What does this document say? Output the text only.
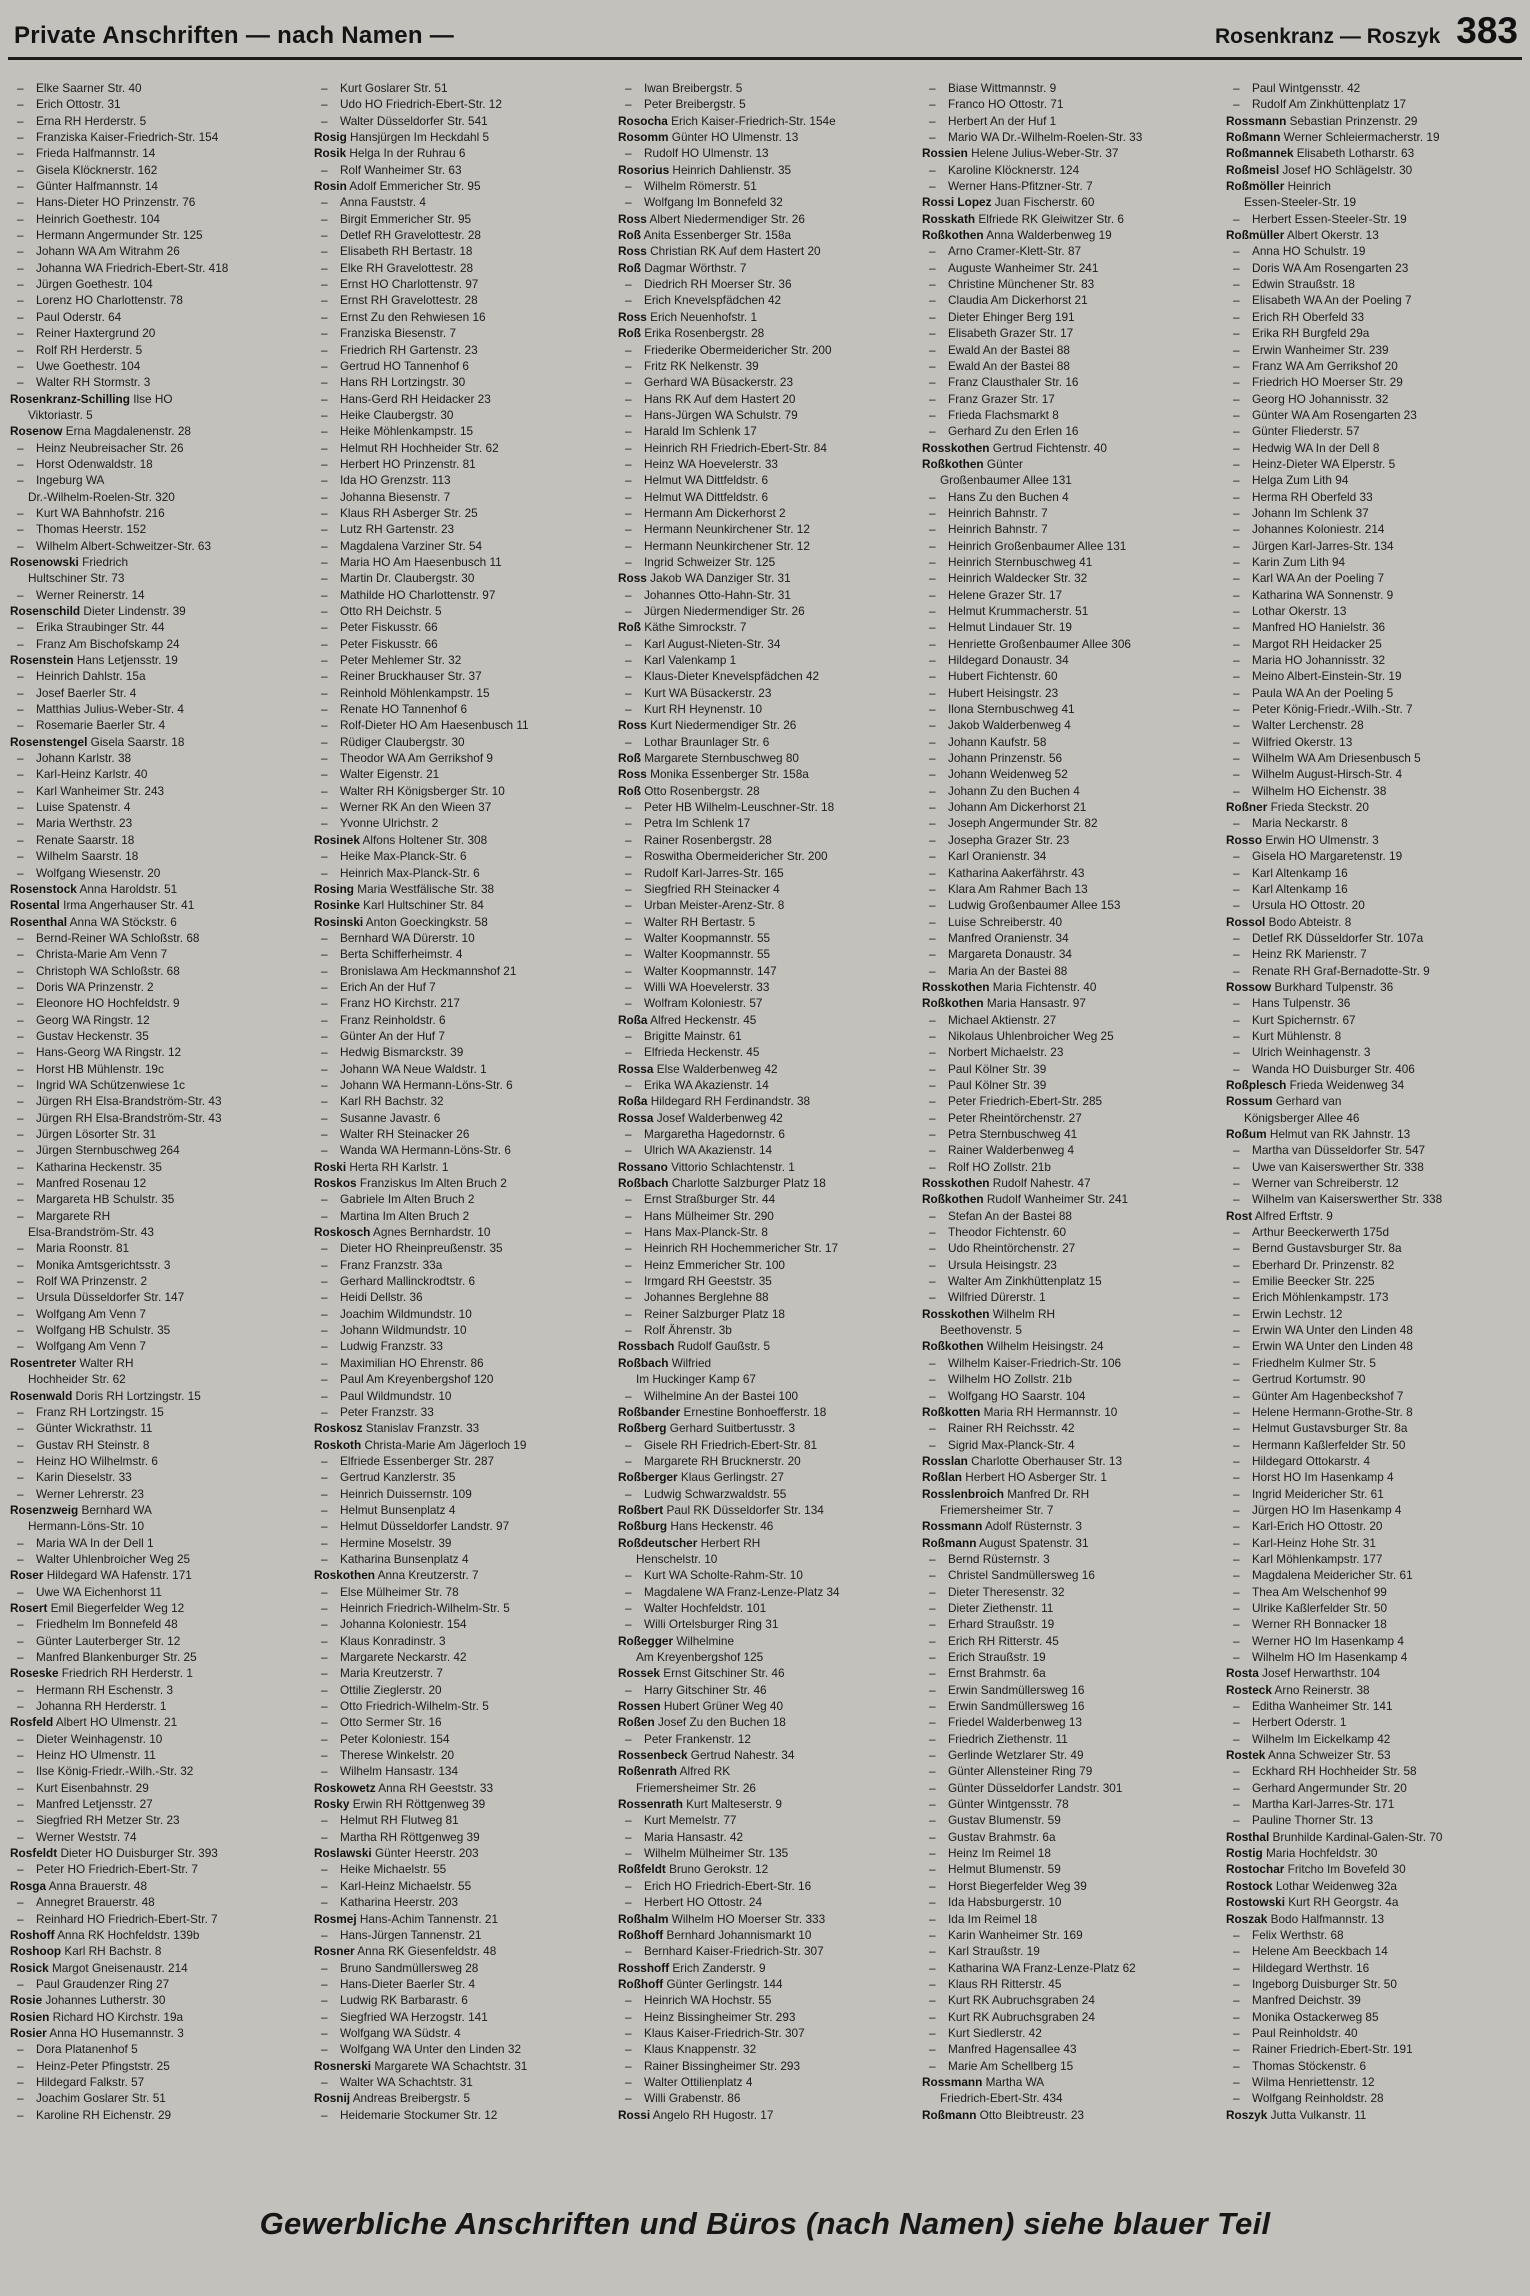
Private Anschriften — nach Namen —	Rosenkranz — Roszyk 383
– Elke Saarner Str. 40
– Erich Ottostr. 31
– Erna RH Herderstr. 5
– Franziska Kaiser-Friedrich-Str. 154
– Frieda Halfmannstr. 14
– Gisela Klöcknerstr. 162
– Günter Halfmannstr. 14
– Hans-Dieter HO Prinzenstr. 76
– Heinrich Goethestr. 104
– Hermann Angermunder Str. 125
– Johann WA Am Witrahm 26
– Johanna WA Friedrich-Ebert-Str. 418
– Jürgen Goethestr. 104
– Lorenz HO Charlottenstr. 78
– Paul Oderstr. 64
– Reiner Haxtergrund 20
– Rolf RH Herderstr. 5
– Uwe Goethestr. 104
– Walter RH Stormstr. 3
Rosenkranz-Schilling Ilse HO
Viktoriastr. 5
Rosenow Erna Magdalenenstr. 28
– Heinz Neubreisacher Str. 26
– Horst Odenwaldstr. 18
– Ingeburg WA
Dr.-Wilhelm-Roelen-Str. 320
– Kurt WA Bahnhofstr. 216
– Thomas Heerstr. 152
– Wilhelm Albert-Schweitzer-Str. 63
Rosenowski Friedrich
Hultschiner Str. 73
– Werner Reinerstr. 14
Rosenschild Dieter Lindenstr. 39
– Erika Straubinger Str. 44
– Franz Am Bischofskamp 24
Rosenstein Hans Letjensstr. 19
– Heinrich Dahlstr. 15a
– Josef Baerler Str. 4
– Matthias Julius-Weber-Str. 4
– Rosemarie Baerler Str. 4
Rosenstengel Gisela Saarstr. 18
– Johann Karlstr. 38
– Karl-Heinz Karlstr. 40
– Karl Wanheimer Str. 243
– Luise Spatenstr. 4
– Maria Werthstr. 23
– Renate Saarstr. 18
– Wilhelm Saarstr. 18
– Wolfgang Wiesenstr. 20
Rosenstock Anna Haroldstr. 51
Rosental Irma Angerhauser Str. 41
Rosenthal Anna WA Stöckstr. 6
– Bernd-Reiner WA Schloßstr. 68
– Christa-Marie Am Venn 7
– Christoph WA Schloßstr. 68
– Doris WA Prinzenstr. 2
– Eleonore HO Hochfeldstr. 9
– Georg WA Ringstr. 12
– Gustav Heckenstr. 35
– Hans-Georg WA Ringstr. 12
– Horst HB Mühlenstr. 19c
– Ingrid WA Schützenwiese 1c
– Jürgen RH Elsa-Brandström-Str. 43
– Jürgen RH Elsa-Brandström-Str. 43
– Jürgen Lösorter Str. 31
– Jürgen Sternbuschweg 264
– Katharina Heckenstr. 35
– Manfred Rosenau 12
– Margareta HB Schulstr. 35
– Margarete RH
Elsa-Brandström-Str. 43
– Maria Roonstr. 81
– Monika Amtsgerichtsstr. 3
– Rolf WA Prinzenstr. 2
– Ursula Düsseldorfer Str. 147
– Wolfgang Am Venn 7
– Wolfgang HB Schulstr. 35
– Wolfgang Am Venn 7
Rosentreter Walter RH
Hochheider Str. 62
Rosenwald Doris RH Lortzingstr. 15
– Franz RH Lortzingstr. 15
– Günter Wickrathstr. 11
– Gustav RH Steinstr. 8
– Heinz HO Wilhelmstr. 6
– Karin Dieselstr. 33
– Werner Lehrerstr. 23
Rosenzweig Bernhard WA
Hermann-Löns-Str. 10
– Maria WA In der Dell 1
– Walter Uhlenbroicher Weg 25
Roser Hildegard WA Hafenstr. 171
– Uwe WA Eichenhorst 11
Rosert Emil Biegerfelder Weg 12
– Friedhelm Im Bonnefeld 48
– Günter Lauterberger Str. 12
– Manfred Blankenburger Str. 25
Roseske Friedrich RH Herderstr. 1
– Hermann RH Eschenstr. 3
– Johanna RH Herderstr. 1
Rosfeld Albert HO Ulmenstr. 21
– Dieter Weinhagenstr. 10
– Heinz HO Ulmenstr. 11
– Ilse König-Friedr.-Wilh.-Str. 32
– Kurt Eisenbahnstr. 29
– Manfred Letjensstr. 27
– Siegfried RH Metzer Str. 23
– Werner Weststr. 74
Rosfeldt Dieter HO Duisburger Str. 393
– Peter HO Friedrich-Ebert-Str. 7
Rosga Anna Brauerstr. 48
– Annegret Brauerstr. 48
– Reinhard HO Friedrich-Ebert-Str. 7
Roshoff Anna RK Hochfeldstr. 139b
Roshoop Karl RH Bachstr. 8
Rosick Margot Gneisenaustr. 214
– Paul Graudenzer Ring 27
Rosie Johannes Lutherstr. 30
Rosien Richard HO Kirchstr. 19a
Rosier Anna HO Husemannstr. 3
– Dora Platanenhof 5
– Heinz-Peter Pfingststr. 25
– Hildegard Falkstr. 57
– Joachim Goslarer Str. 51
– Karoline RH Eichenstr. 29
– Kurt Goslarer Str. 51
– Udo HO Friedrich-Ebert-Str. 12
– Walter Düsseldorfer Str. 541
Rosig Hansjürgen Im Heckdahl 5
Rosik Helga In der Ruhrau 6
– Rolf Wanheimer Str. 63
Rosin Adolf Emmericher Str. 95
– Anna Fauststr. 4
– Birgit Emmericher Str. 95
– Detlef RH Gravelottestr. 28
– Elisabeth RH Bertastr. 18
– Elke RH Gravelottestr. 28
– Ernst HO Charlottenstr. 97
– Ernst RH Gravelottestr. 28
– Ernst Zu den Rehwiesen 16
– Franziska Biesenstr. 7
– Friedrich RH Gartenstr. 23
– Gertrud HO Tannenhof 6
– Hans RH Lortzingstr. 30
– Hans-Gerd RH Heidacker 23
– Heike Claubergstr. 30
– Heike Möhlenkampstr. 15
– Helmut RH Hochheider Str. 62
– Herbert HO Prinzenstr. 81
– Ida HO Grenzstr. 113
– Johanna Biesenstr. 7
– Klaus RH Asberger Str. 25
– Lutz RH Gartenstr. 23
– Magdalena Varziner Str. 54
– Maria HO Am Haesenbusch 11
– Martin Dr. Claubergstr. 30
– Mathilde HO Charlottenstr. 97
– Otto RH Deichstr. 5
– Peter Fiskusstr. 66
– Peter Fiskusstr. 66
– Peter Mehlemer Str. 32
– Reiner Bruckhauser Str. 37
– Reinhold Möhlenkampstr. 15
– Renate HO Tannenhof 6
– Rolf-Dieter HO Am Haesenbusch 11
– Rüdiger Claubergstr. 30
– Theodor WA Am Gerrikshof 9
– Walter Eigenstr. 21
– Walter RH Königsberger Str. 10
– Werner RK An den Wieen 37
– Yvonne Ulrichstr. 2
Rosinek Alfons Holtener Str. 308
– Heike Max-Planck-Str. 6
– Heinrich Max-Planck-Str. 6
Rosing Maria Westfälische Str. 38
Rosinke Karl Hultschiner Str. 84
Rosinski Anton Goeckingkstr. 58
– Bernhard WA Dürerstr. 10
– Berta Schifferheimstr. 4
– Bronislawa Am Heckmannshof 21
– Erich An der Huf 7
– Franz HO Kirchstr. 217
– Franz Reinholdstr. 6
– Günter An der Huf 7
– Hedwig Bismarckstr. 39
– Johann WA Neue Waldstr. 1
– Johann WA Hermann-Löns-Str. 6
– Karl RH Bachstr. 32
– Susanne Javastr. 6
– Walter RH Steinacker 26
– Wanda WA Hermann-Löns-Str. 6
Roski Herta RH Karlstr. 1
Roskos Franziskus Im Alten Bruch 2
– Gabriele Im Alten Bruch 2
– Martina Im Alten Bruch 2
Roskosch Agnes Bernhardstr. 10
– Dieter HO Rheinpreußenstr. 35
– Franz Franzstr. 33a
– Gerhard Mallinckrodtstr. 6
– Heidi Dellstr. 36
– Joachim Wildmundstr. 10
– Johann Wildmundstr. 10
– Ludwig Franzstr. 33
– Maximilian HO Ehrenstr. 86
– Paul Am Kreyenbergshof 120
– Paul Wildmundstr. 10
– Peter Franzstr. 33
Roskosz Stanislav Franzstr. 33
Roskoth Christa-Marie Am Jägerloch 19
– Elfriede Essenberger Str. 287
– Gertrud Kanzlerstr. 35
– Heinrich Duissernstr. 109
– Helmut Bunsenplatz 4
– Helmut Düsseldorfer Landstr. 97
– Hermine Moselstr. 39
– Katharina Bunsenplatz 4
Roskothen Anna Kreutzerstr. 7
– Else Mülheimer Str. 78
– Heinrich Friedrich-Wilhelm-Str. 5
– Johanna Koloniestr. 154
– Klaus Konradinstr. 3
– Margarete Neckarstr. 42
– Maria Kreutzerstr. 7
– Ottilie Zieglerstr. 20
– Otto Friedrich-Wilhelm-Str. 5
– Otto Sermer Str. 16
– Peter Koloniestr. 154
– Therese Winkelstr. 20
– Wilhelm Hansastr. 134
Roskowetz Anna RH Geeststr. 33
Rosky Erwin RH Röttgenweg 39
– Helmut RH Flutweg 81
– Martha RH Röttgenweg 39
Roslawski Günter Heerstr. 203
– Heike Michaelstr. 55
– Karl-Heinz Michaelstr. 55
– Katharina Heerstr. 203
Rosmej Hans-Achim Tannenstr. 21
– Hans-Jürgen Tannenstr. 21
Rosner Anna RK Giesenfeldstr. 48
– Bruno Sandmüllersweg 28
– Hans-Dieter Baerler Str. 4
– Ludwig RK Barbarastr. 6
– Siegfried WA Herzogstr. 141
– Wolfgang WA Südstr. 4
– Wolfgang WA Unter den Linden 32
Rosnerski Margarete WA Schachtstr. 31
– Walter WA Schachtstr. 31
Rosnij Andreas Breibergstr. 5
– Heidemarie Stockumer Str. 12
– Iwan Breibergstr. 5
– Peter Breibergstr. 5
Rosocha Erich Kaiser-Friedrich-Str. 154e
Rosomm Günter HO Ulmenstr. 13
– Rudolf HO Ulmenstr. 13
Rosorius Heinrich Dahlienstr. 35
– Wilhelm Römerstr. 51
– Wolfgang Im Bonnefeld 32
Ross Albert Niedermendiger Str. 26
Roß Anita Essenberger Str. 158a
Ross Christian RK Auf dem Hastert 20
Roß Dagmar Wörthstr. 7
– Diedrich RH Moerser Str. 36
– Erich Knevelspfädchen 42
Ross Erich Neuenhofstr. 1
Roß Erika Rosenbergstr. 28
– Friederike Obermeidericher Str. 200
– Fritz RK Nelkenstr. 39
– Gerhard WA Büsackerstr. 23
– Hans RK Auf dem Hastert 20
– Hans-Jürgen WA Schulstr. 79
– Harald Im Schlenk 17
– Heinrich RH Friedrich-Ebert-Str. 84
– Heinz WA Hoevelerstr. 33
– Helmut WA Dittfeldstr. 6
– Helmut WA Dittfeldstr. 6
– Hermann Am Dickerhorst 2
– Hermann Neunkirchener Str. 12
– Hermann Neunkirchener Str. 12
– Ingrid Schweizer Str. 125
Ross Jakob WA Danziger Str. 31
– Johannes Otto-Hahn-Str. 31
– Jürgen Niedermendiger Str. 26
Roß Käthe Simrockstr. 7
– Karl August-Nieten-Str. 34
– Karl Valenkamp 1
– Klaus-Dieter Knevelspfädchen 42
– Kurt WA Büsackerstr. 23
– Kurt RH Heynenstr. 10
Ross Kurt Niedermendiger Str. 26
– Lothar Braunlager Str. 6
Roß Margarete Sternbuschweg 80
Ross Monika Essenberger Str. 158a
Roß Otto Rosenbergstr. 28
– Peter HB Wilhelm-Leuschner-Str. 18
– Petra Im Schlenk 17
– Rainer Rosenbergstr. 28
– Roswitha Obermeidericher Str. 200
– Rudolf Karl-Jarres-Str. 165
– Siegfried RH Steinacker 4
– Urban Meister-Arenz-Str. 8
– Walter RH Bertastr. 5
– Walter Koopmannstr. 55
– Walter Koopmannstr. 55
– Walter Koopmannstr. 147
– Willi WA Hoevelerstr. 33
– Wolfram Koloniestr. 57
Roßa Alfred Heckenstr. 45
– Brigitte Mainstr. 61
– Elfrieda Heckenstr. 45
Rossa Else Walderbenweg 42
– Erika WA Akazienstr. 14
Roßa Hildegard RH Ferdinandstr. 38
Rossa Josef Walderbenweg 42
– Margaretha Hagedornstr. 6
– Ulrich WA Akazienstr. 14
Rossano Vittorio Schlachtenstr. 1
Roßbach Charlotte Salzburger Platz 18
– Ernst Straßburger Str. 44
– Hans Mülheimer Str. 290
– Hans Max-Planck-Str. 8
– Heinrich RH Hochemmericher Str. 17
– Heinz Emmericher Str. 100
– Irmgard RH Geeststr. 35
– Johannes Berglehne 88
– Reiner Salzburger Platz 18
– Rolf Ährenstr. 3b
Rossbach Rudolf Gaußstr. 5
Roßbach Wilfried
Im Huckinger Kamp 67
– Wilhelmine An der Bastei 100
Roßbander Ernestine Bonhoefferstr. 18
Roßberg Gerhard Suitbertusstr. 3
– Gisele RH Friedrich-Ebert-Str. 81
– Margarete RH Brucknerstr. 20
Roßberger Klaus Gerlingstr. 27
– Ludwig Schwarzwaldstr. 55
Roßbert Paul RK Düsseldorfer Str. 134
Roßburg Hans Heckenstr. 46
Roßdeutscher Herbert RH
Henschelstr. 10
– Kurt WA Scholte-Rahm-Str. 10
– Magdalene WA Franz-Lenze-Platz 34
– Walter Hochfeldstr. 101
– Willi Ortelsburger Ring 31
Roßegger Wilhelmine
Am Kreyenbergshof 125
Rossek Ernst Gitschiner Str. 46
– Harry Gitschiner Str. 46
Rossen Hubert Grüner Weg 40
Roßen Josef Zu den Buchen 18
– Peter Frankenstr. 12
Rossenbeck Gertrud Nahestr. 34
Roßenrath Alfred RK
Friemersheimer Str. 26
Rossenrath Kurt Malteserstr. 9
– Kurt Memelstr. 77
– Maria Hansastr. 42
– Wilhelm Mülheimer Str. 135
Roßfeldt Bruno Gerokstr. 12
– Erich HO Friedrich-Ebert-Str. 16
– Herbert HO Ottostr. 24
Roßhalm Wilhelm HO Moerser Str. 333
Roßhoff Bernhard Johannismarkt 10
– Bernhard Kaiser-Friedrich-Str. 307
Rosshoff Erich Zanderstr. 9
Roßhoff Günter Gerlingstr. 144
– Heinrich WA Hochstr. 55
– Heinz Bissingheimer Str. 293
– Klaus Kaiser-Friedrich-Str. 307
– Klaus Knappenstr. 32
– Rainer Bissingheimer Str. 293
– Walter Ottilienplatz 4
– Willi Grabenstr. 86
Rossi Angelo RH Hugostr. 17
– Biase Wittmannstr. 9
– Franco HO Ottostr. 71
– Herbert An der Huf 1
– Mario WA Dr.-Wilhelm-Roelen-Str. 33
Rossien Helene Julius-Weber-Str. 37
– Karoline Klöcknerstr. 124
– Werner Hans-Pfitzner-Str. 7
Rossi Lopez Juan Fischerstr. 60
Rosskath Elfriede RK Gleiwitzer Str. 6
Roßkothen Anna Walderbenweg 19
– Arno Cramer-Klett-Str. 87
– Auguste Wanheimer Str. 241
– Christine Münchener Str. 83
– Claudia Am Dickerhorst 21
– Dieter Ehinger Berg 191
– Elisabeth Grazer Str. 17
– Ewald An der Bastei 88
– Ewald An der Bastei 88
– Franz Clausthaler Str. 16
– Franz Grazer Str. 17
– Frieda Flachsmarkt 8
– Gerhard Zu den Erlen 16
Rosskothen Gertrud Fichtenstr. 40
Roßkothen Günter
Großenbaumer Allee 131
– Hans Zu den Buchen 4
– Heinrich Bahnstr. 7
– Heinrich Bahnstr. 7
– Heinrich Großenbaumer Allee 131
– Heinrich Sternbuschweg 41
– Heinrich Waldecker Str. 32
– Helene Grazer Str. 17
– Helmut Krummacherstr. 51
– Helmut Lindauer Str. 19
– Henriette Großenbaumer Allee 306
– Hildegard Donaustr. 34
– Hubert Fichtenstr. 60
– Hubert Heisingstr. 23
– Ilona Sternbuschweg 41
– Jakob Walderbenweg 4
– Johann Kaufstr. 58
– Johann Prinzenstr. 56
– Johann Weidenweg 52
– Johann Zu den Buchen 4
– Johann Am Dickerhorst 21
– Joseph Angermunder Str. 82
– Josepha Grazer Str. 23
– Karl Oranienstr. 34
– Katharina Aakerfährstr. 43
– Klara Am Rahmer Bach 13
– Ludwig Großenbaumer Allee 153
– Luise Schreiberstr. 40
– Manfred Oranienstr. 34
– Margareta Donaustr. 34
– Maria An der Bastei 88
Rosskothen Maria Fichtenstr. 40
Roßkothen Maria Hansastr. 97
– Michael Aktienstr. 27
– Nikolaus Uhlenbroicher Weg 25
– Norbert Michaelstr. 23
– Paul Kölner Str. 39
– Paul Kölner Str. 39
– Peter Friedrich-Ebert-Str. 285
– Peter Rheintörchenstr. 27
– Petra Sternbuschweg 41
– Rainer Walderbenweg 4
– Rolf HO Zollstr. 21b
Rosskothen Rudolf Nahestr. 47
Roßkothen Rudolf Wanheimer Str. 241
– Stefan An der Bastei 88
– Theodor Fichtenstr. 60
– Udo Rheintörchenstr. 27
– Ursula Heisingstr. 23
– Walter Am Zinkhüttenplatz 15
– Wilfried Dürerstr. 1
Rosskothen Wilhelm RH
Beethovenstr. 5
Roßkothen Wilhelm Heisingstr. 24
– Wilhelm Kaiser-Friedrich-Str. 106
– Wilhelm HO Zollstr. 21b
– Wolfgang HO Saarstr. 104
Roßkotten Maria RH Hermannstr. 10
– Rainer RH Reichsstr. 42
– Sigrid Max-Planck-Str. 4
Rosslan Charlotte Oberhauser Str. 13
Roßlan Herbert HO Asberger Str. 1
Rosslenbroich Manfred Dr. RH
Friemersheimer Str. 7
Rossmann Adolf Rüsternstr. 3
Roßmann August Spatenstr. 31
– Bernd Rüsternstr. 3
– Christel Sandmüllersweg 16
– Dieter Theresenstr. 32
– Dieter Ziethenstr. 11
– Erhard Straußstr. 19
– Erich RH Ritterstr. 45
– Erich Straußstr. 19
– Ernst Brahmstr. 6a
– Erwin Sandmüllersweg 16
– Erwin Sandmüllersweg 16
– Friedel Walderbenweg 13
– Friedrich Ziethenstr. 11
– Gerlinde Wetzlarer Str. 49
– Günter Allensteiner Ring 79
– Günter Düsseldorfer Landstr. 301
– Günter Wintgensstr. 78
– Gustav Blumenstr. 59
– Gustav Brahmstr. 6a
– Heinz Im Reimel 18
– Helmut Blumenstr. 59
– Horst Biegerfelder Weg 39
– Ida Habsburgerstr. 10
– Ida Im Reimel 18
– Karin Wanheimer Str. 169
– Karl Straußstr. 19
– Katharina WA Franz-Lenze-Platz 62
– Klaus RH Ritterstr. 45
– Kurt RK Aubruchsgraben 24
– Kurt RK Aubruchsgraben 24
– Kurt Siedlerstr. 42
– Manfred Hagensallee 43
– Marie Am Schellberg 15
Rossmann Martha WA
Friedrich-Ebert-Str. 434
Roßmann Otto Bleibtreustr. 23
– Paul Wintgensstr. 42
– Rudolf Am Zinkhüttenplatz 17
Rossmann Sebastian Prinzenstr. 29
Roßmann Werner Schleiermacherstr. 19
Roßmannek Elisabeth Lotharstr. 63
Roßmeisl Josef HO Schlägelstr. 30
Roßmöller Heinrich
Essen-Steeler-Str. 19
– Herbert Essen-Steeler-Str. 19
Roßmüller Albert Okerstr. 13
– Anna HO Schulstr. 19
– Doris WA Am Rosengarten 23
– Edwin Straußstr. 18
– Elisabeth WA An der Poeling 7
– Erich RH Oberfeld 33
– Erika RH Burgfeld 29a
– Erwin Wanheimer Str. 239
– Franz WA Am Gerrikshof 20
– Friedrich HO Moerser Str. 29
– Georg HO Johannisstr. 32
– Günter WA Am Rosengarten 23
– Günter Fliederstr. 57
– Hedwig WA In der Dell 8
– Heinz-Dieter WA Elperstr. 5
– Helga Zum Lith 94
– Herma RH Oberfeld 33
– Johann Im Schlenk 37
– Johannes Koloniestr. 214
– Jürgen Karl-Jarres-Str. 134
– Karin Zum Lith 94
– Karl WA An der Poeling 7
– Katharina WA Sonnenstr. 9
– Lothar Okerstr. 13
– Manfred HO Hanielstr. 36
– Margot RH Heidacker 25
– Maria HO Johannisstr. 32
– Meino Albert-Einstein-Str. 19
– Paula WA An der Poeling 5
– Peter König-Friedr.-Wilh.-Str. 7
– Walter Lerchenstr. 28
– Wilfried Okerstr. 13
– Wilhelm WA Am Driesenbusch 5
– Wilhelm August-Hirsch-Str. 4
– Wilhelm HO Eichenstr. 38
Roßner Frieda Steckstr. 20
– Maria Neckarstr. 8
Rosso Erwin HO Ulmenstr. 3
– Gisela HO Margaretenstr. 19
– Karl Altenkamp 16
– Karl Altenkamp 16
– Ursula HO Ottostr. 20
Rossol Bodo Abteistr. 8
– Detlef RK Düsseldorfer Str. 107a
– Heinz RK Marienstr. 7
– Renate RH Graf-Bernadotte-Str. 9
Rossow Burkhard Tulpenstr. 36
– Hans Tulpenstr. 36
– Kurt Spichernstr. 67
– Kurt Mühlenstr. 8
– Ulrich Weinhagenstr. 3
– Wanda HO Duisburger Str. 406
Roßplesch Frieda Weidenweg 34
Rossum Gerhard van
Königsberger Allee 46
Roßum Helmut van RK Jahnstr. 13
– Martha van Düsseldorfer Str. 547
– Uwe van Kaiserswerther Str. 338
– Werner van Schreiberstr. 12
– Wilhelm van Kaiserswerther Str. 338
Rost Alfred Erftstr. 9
– Arthur Beeckerwerth 175d
– Bernd Gustavsburger Str. 8a
– Eberhard Dr. Prinzenstr. 82
– Emilie Beecker Str. 225
– Erich Möhlenkampstr. 173
– Erwin Lechstr. 12
– Erwin WA Unter den Linden 48
– Erwin WA Unter den Linden 48
– Friedhelm Kulmer Str. 5
– Gertrud Kortumstr. 90
– Günter Am Hagenbeckshof 7
– Helene Hermann-Grothe-Str. 8
– Helmut Gustavsburger Str. 8a
– Hermann Kaßlerfelder Str. 50
– Hildegard Ottokarstr. 4
– Horst HO Im Hasenkamp 4
– Ingrid Meidericher Str. 61
– Jürgen HO Im Hasenkamp 4
– Karl-Erich HO Ottostr. 20
– Karl-Heinz Hohe Str. 31
– Karl Möhlenkampstr. 177
– Magdalena Meidericher Str. 61
– Thea Am Welschenhof 99
– Ulrike Kaßlerfelder Str. 50
– Werner RH Bonnacker 18
– Werner HO Im Hasenkamp 4
– Wilhelm HO Im Hasenkamp 4
Rosta Josef Herwarthstr. 104
Rosteck Arno Reinerstr. 38
– Editha Wanheimer Str. 141
– Herbert Oderstr. 1
– Wilhelm Im Eickelkamp 42
Rostek Anna Schweizer Str. 53
– Eckhard RH Hochheider Str. 58
– Gerhard Angermunder Str. 20
– Martha Karl-Jarres-Str. 171
– Pauline Thorner Str. 13
Rosthal Brunhilde Kardinal-Galen-Str. 70
Rostig Maria Hochfeldstr. 30
Rostochar Fritcho Im Bovefeld 30
Rostock Lothar Weidenweg 32a
Rostowski Kurt RH Georgstr. 4a
Roszak Bodo Halfmannstr. 13
– Felix Werthstr. 68
– Helene Am Beeckbach 14
– Hildegard Werthstr. 16
– Ingeborg Duisburger Str. 50
– Manfred Deichstr. 39
– Monika Ostackerweg 85
– Paul Reinholdstr. 40
– Rainer Friedrich-Ebert-Str. 191
– Thomas Stöckenstr. 6
– Wilma Henriettenstr. 12
– Wolfgang Reinholdstr. 28
Roszyk Jutta Vulkanstr. 11
Gewerbliche Anschriften und Büros (nach Namen) siehe blauer Teil
